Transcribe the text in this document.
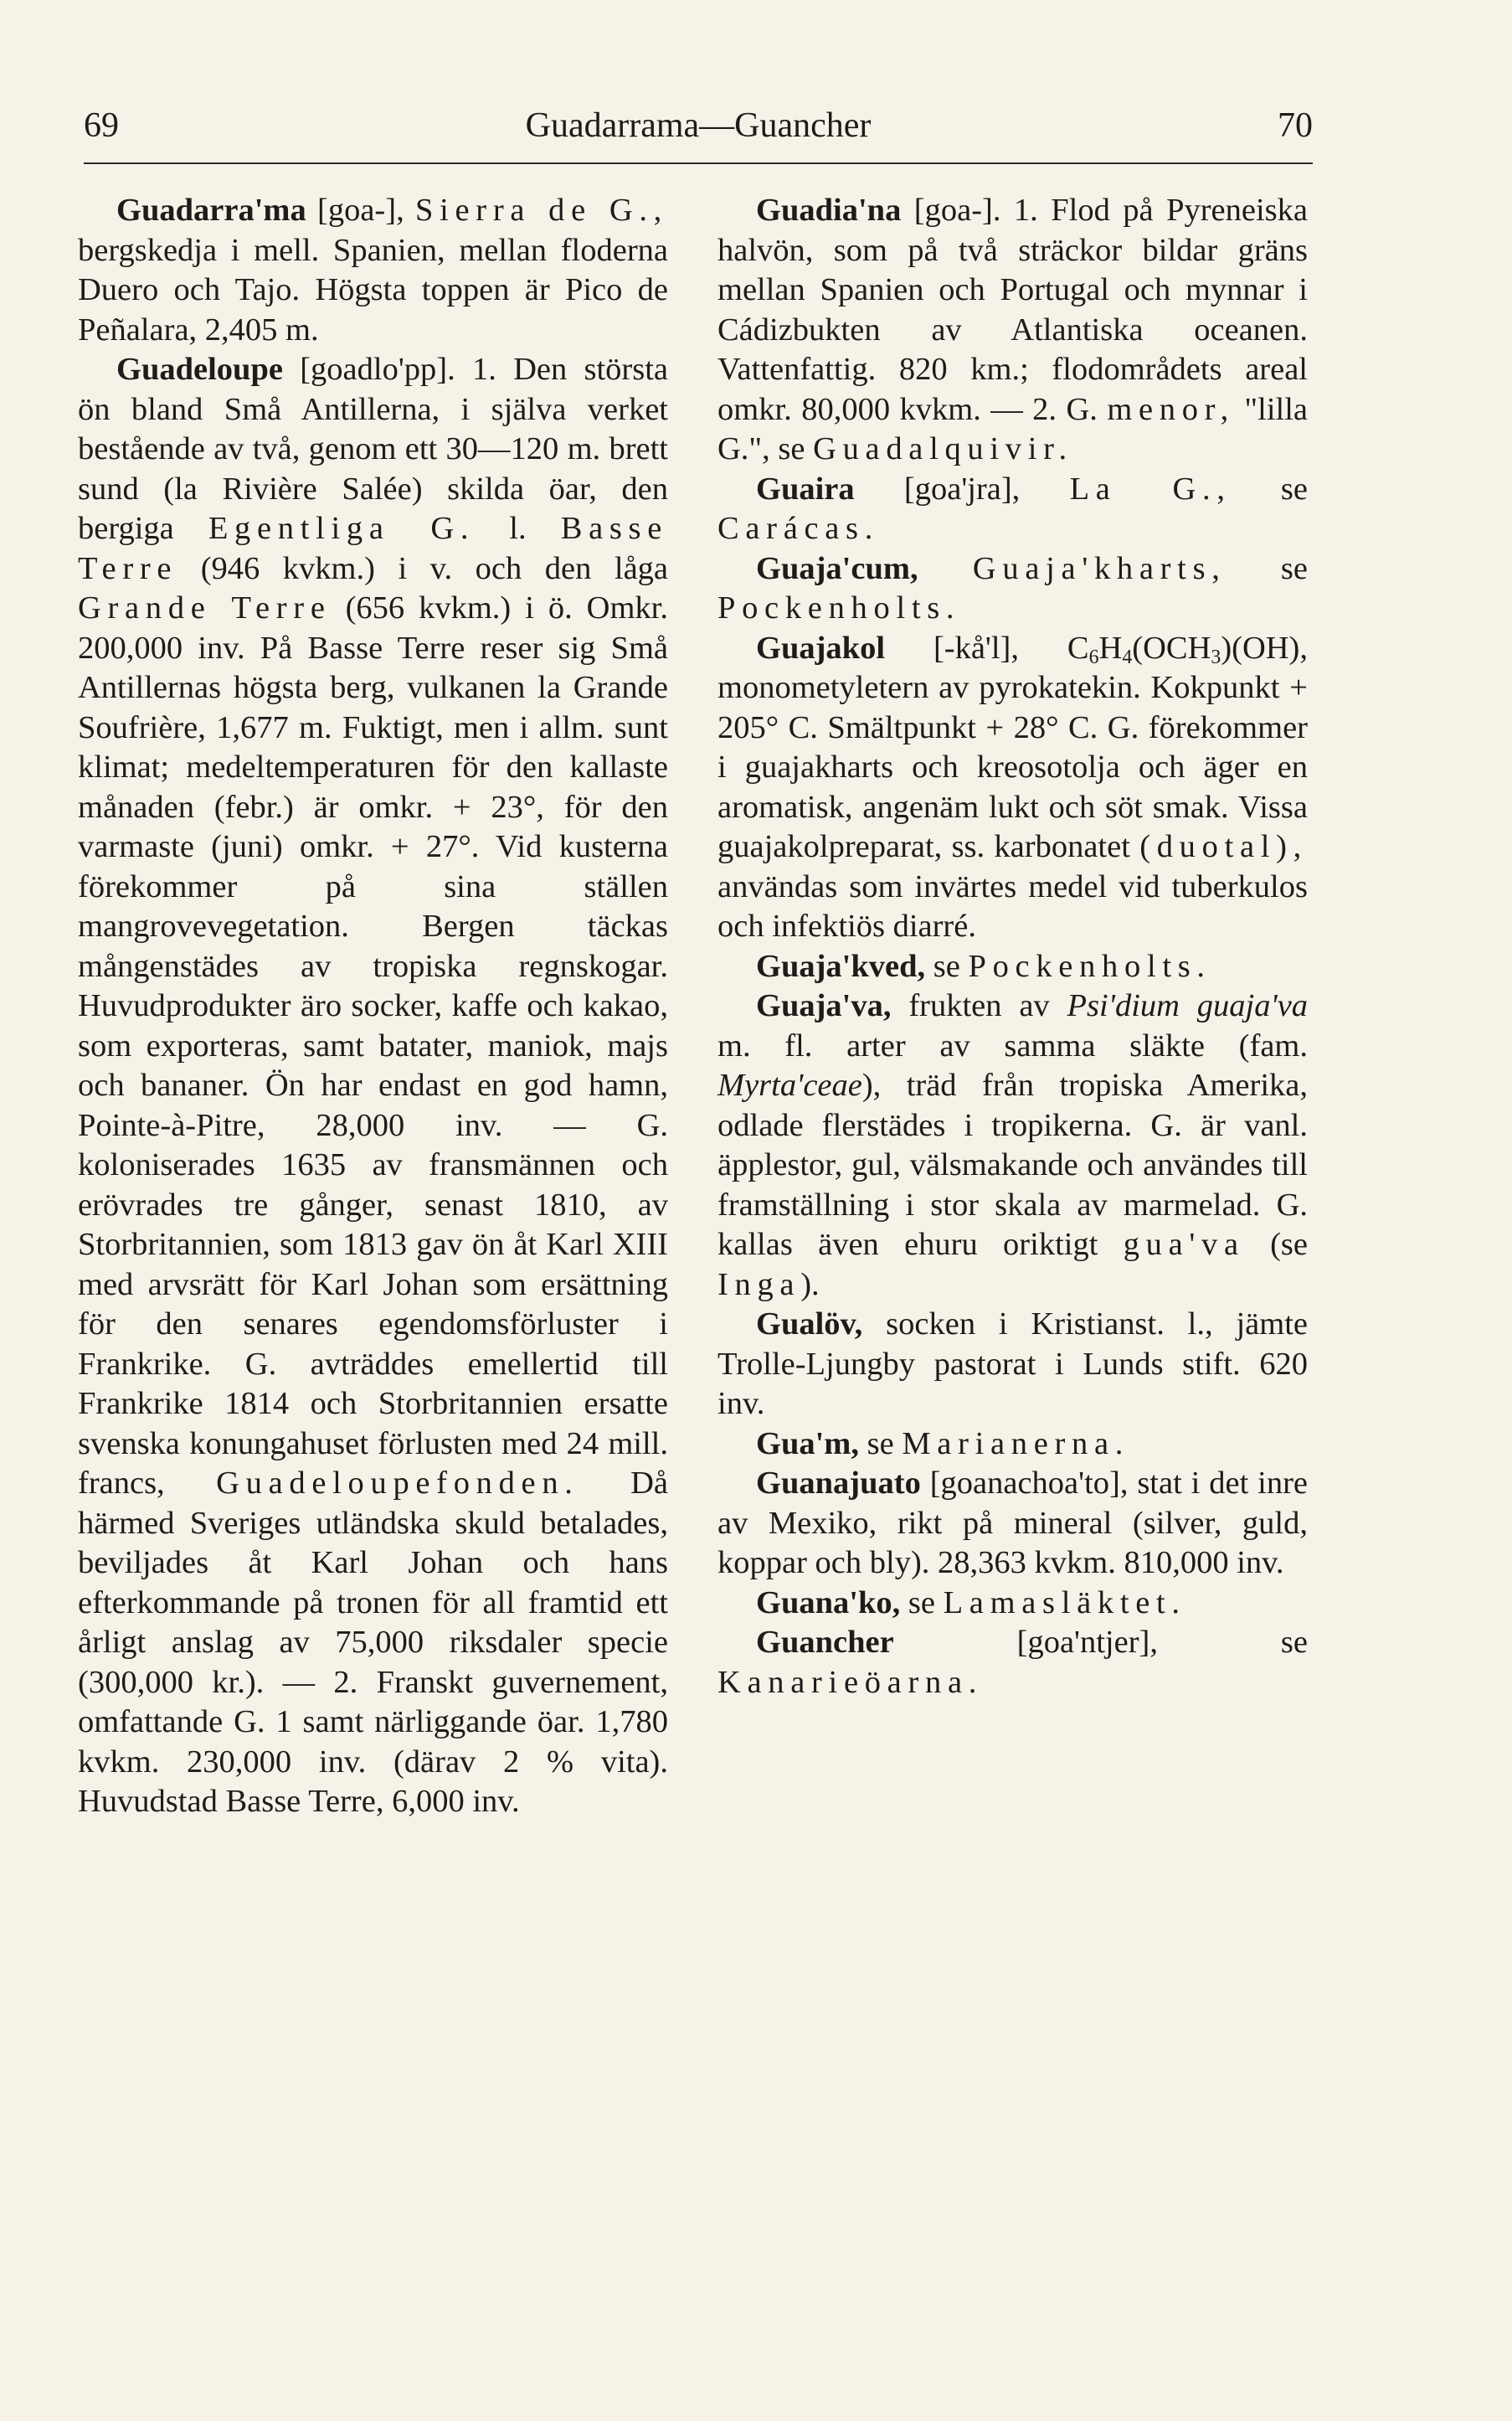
69	Guadarrama—Guancher	70

Guadarra'ma [goa-], Sierra de G., bergskedja i mell. Spanien, mellan floderna Duero och Tajo. Högsta toppen är Pico de Peñalara, 2,405 m.

Guadeloupe [goadlo'pp]. 1. Den största ön bland Små Antillerna, i själva verket bestående av två, genom ett 30—120 m. brett sund (la Rivière Salée) skilda öar, den bergiga Egentliga G. l. Basse Terre (946 kvkm.) i v. och den låga Grande Terre (656 kvkm.) i ö. Omkr. 200,000 inv. På Basse Terre reser sig Små Antillernas högsta berg, vulkanen la Grande Soufrière, 1,677 m. Fuktigt, men i allm. sunt klimat; medeltemperaturen för den kallaste månaden (febr.) är omkr. + 23°, för den varmaste (juni) omkr. + 27°. Vid kusterna förekommer på sina ställen mangrovevegetation. Bergen täckas mångenstädes av tropiska regnskogar. Huvudprodukter äro socker, kaffe och kakao, som exporteras, samt batater, maniok, majs och bananer. Ön har endast en god hamn, Pointe-à-Pitre, 28,000 inv. — G. koloniserades 1635 av fransmännen och erövrades tre gånger, senast 1810, av Storbritannien, som 1813 gav ön åt Karl XIII med arvsrätt för Karl Johan som ersättning för den senares egendomsförluster i Frankrike. G. avträddes emellertid till Frankrike 1814 och Storbritannien ersatte svenska konungahuset förlusten med 24 mill. francs, Guadeloupefonden. Då härmed Sveriges utländska skuld betalades, beviljades åt Karl Johan och hans efterkommande på tronen för all framtid ett årligt anslag av 75,000 riksdaler specie (300,000 kr.). — 2. Franskt guvernement, omfattande G. 1 samt närliggande öar. 1,780 kvkm. 230,000 inv. (därav 2 % vita). Huvudstad Basse Terre, 6,000 inv.

Guadia'na [goa-]. 1. Flod på Pyreneiska halvön, som på två sträckor bildar gräns mellan Spanien och Portugal och mynnar i Cádizbukten av Atlantiska oceanen. Vattenfattig. 820 km.; flodområdets areal omkr. 80,000 kvkm. — 2. G. menor, "lilla G.", se Guadalquivir.

Guaira [goa'jra], La G., se Carácas.

Guaja'cum, Guaja'kharts, se Pockenholts.

Guajakol [-kå'l], $C_6H_4(OCH_3)(OH)$, monometyletern av pyrokatekin. Kokpunkt + 205° C. Smältpunkt + 28° C. G. förekommer i guajakharts och kreosotolja och äger en aromatisk, angenäm lukt och söt smak. Vissa guajakolpreparat, ss. karbonatet (duotal), användas som invärtes medel vid tuberkulos och infektiös diarré.

Guaja'kved, se Pockenholts.

Guaja'va, frukten av Psi'dium guaja'va m. fl. arter av samma släkte (fam. Myrta'ceae), träd från tropiska Amerika, odlade flerstädes i tropikerna. G. är vanl. äpplestor, gul, välsmakande och användes till framställning i stor skala av marmelad. G. kallas även ehuru oriktigt guа'vа (se Inga).

Gualöv, socken i Kristianst. l., jämte Trolle-Ljungby pastorat i Lunds stift. 620 inv.

Gua'm, se Marianerna.

Guanajuato [goanachoa'to], stat i det inre av Mexiko, rikt på mineral (silver, guld, koppar och bly). 28,363 kvkm. 810,000 inv.

Guana'ko, se Lamasläktet.

Guancher	[goa'ntjer], se Kanarieöarna.
